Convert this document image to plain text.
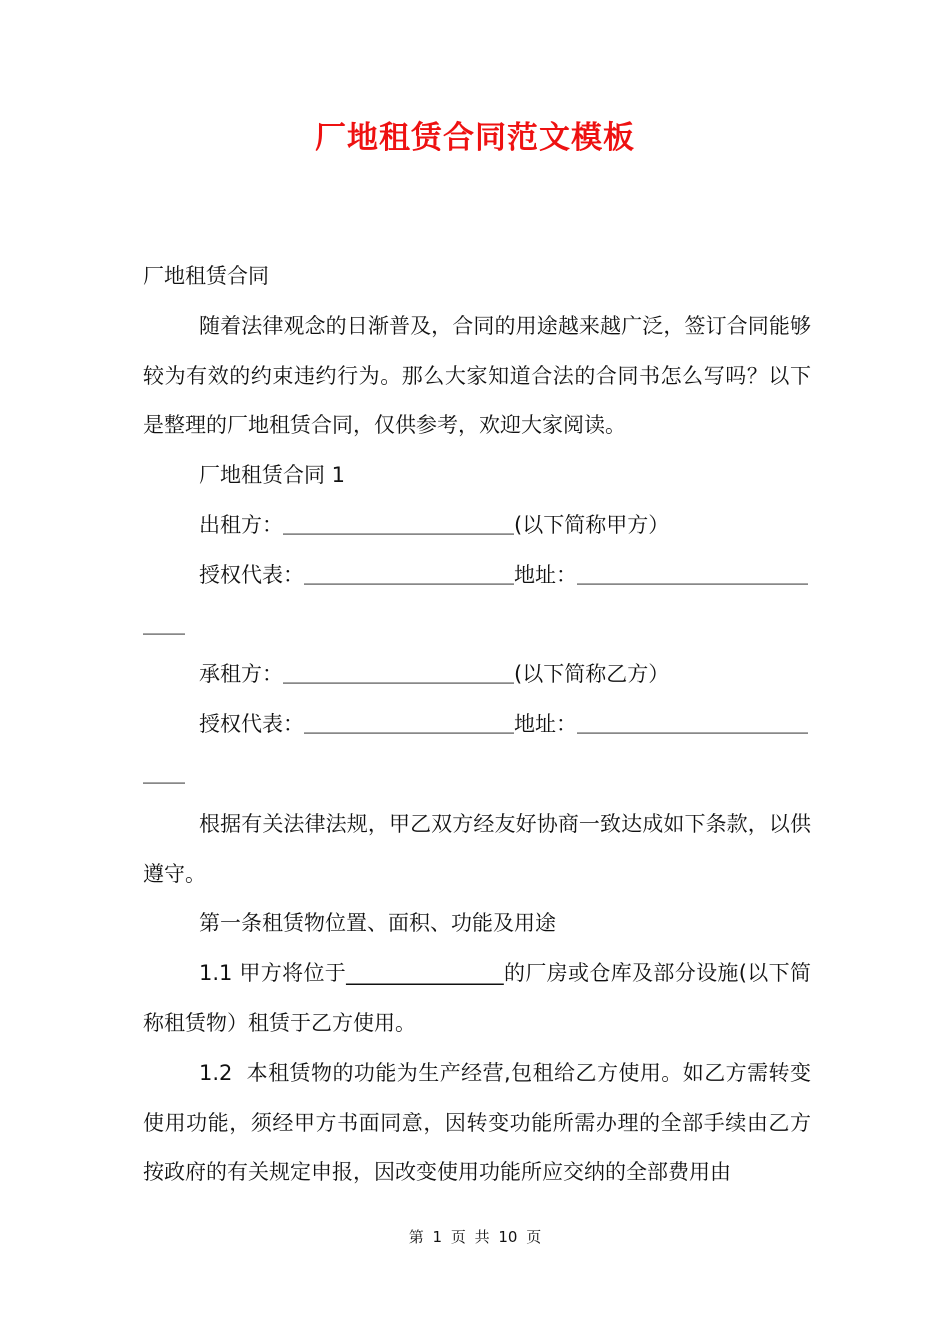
厂地租赁合同范文模板

厂地租赁合同

随着法律观念的日渐普及，合同的用途越来越广泛，签订合同能够较为有效的约束违约行为。那么大家知道合法的合同书怎么写吗？以下是整理的厂地租赁合同，仅供参考，欢迎大家阅读。

厂地租赁合同 1

出租方：＿＿＿＿＿＿＿＿＿＿＿(以下简称甲方）

授权代表：＿＿＿＿＿＿＿＿＿＿地址：＿＿＿＿＿＿＿＿＿＿＿＿＿

承租方：＿＿＿＿＿＿＿＿＿＿＿(以下简称乙方）

授权代表：＿＿＿＿＿＿＿＿＿＿地址：＿＿＿＿＿＿＿＿＿＿＿＿＿

根据有关法律法规，甲乙双方经友好协商一致达成如下条款，以供遵守。

第一条租赁物位置、面积、功能及用途

1.1 甲方将位于_______________的厂房或仓库及部分设施(以下简称租赁物）租赁于乙方使用。

1.2  本租赁物的功能为生产经营,包租给乙方使用。如乙方需转变使用功能，须经甲方书面同意，因转变功能所需办理的全部手续由乙方按政府的有关规定申报，因改变使用功能所应交纳的全部费用由

第 1 页 共 10 页
